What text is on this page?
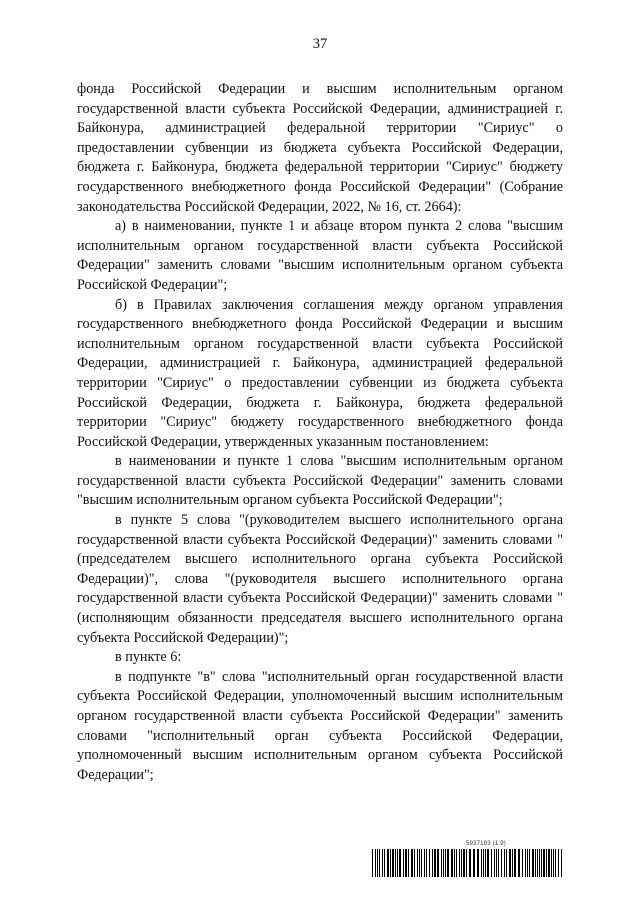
37

фонда Российской Федерации и высшим исполнительным органом государственной власти субъекта Российской Федерации, администрацией г. Байконура, администрацией федеральной территории "Сириус" о предоставлении субвенции из бюджета субъекта Российской Федерации, бюджета г. Байконура, бюджета федеральной территории "Сириус" бюджету государственного внебюджетного фонда Российской Федерации" (Собрание законодательства Российской Федерации, 2022, № 16, ст. 2664):

а) в наименовании, пункте 1 и абзаце втором пункта 2 слова "высшим исполнительным органом государственной власти субъекта Российской Федерации" заменить словами "высшим исполнительным органом субъекта Российской Федерации";

б) в Правилах заключения соглашения между органом управления государственного внебюджетного фонда Российской Федерации и высшим исполнительным органом государственной власти субъекта Российской Федерации, администрацией г. Байконура, администрацией федеральной территории "Сириус" о предоставлении субвенции из бюджета субъекта Российской Федерации, бюджета г. Байконура, бюджета федеральной территории "Сириус" бюджету государственного внебюджетного фонда Российской Федерации, утвержденных указанным постановлением:

в наименовании и пункте 1 слова "высшим исполнительным органом государственной власти субъекта Российской Федерации" заменить словами "высшим исполнительным органом субъекта Российской Федерации";

в пункте 5 слова "(руководителем высшего исполнительного органа государственной власти субъекта Российской Федерации)" заменить словами "(председателем высшего исполнительного органа субъекта Российской Федерации)", слова "(руководителя высшего исполнительного органа государственной власти субъекта Российской Федерации)" заменить словами "(исполняющим обязанности председателя высшего исполнительного органа субъекта Российской Федерации)";

в пункте 6:

в подпункте "в" слова "исполнительный орган государственной власти субъекта Российской Федерации, уполномоченный высшим исполнительным органом государственной власти субъекта Российской Федерации" заменить словами "исполнительный орган субъекта Российской Федерации, уполномоченный высшим исполнительным органом субъекта Российской Федерации";

5937193 (1.9)
